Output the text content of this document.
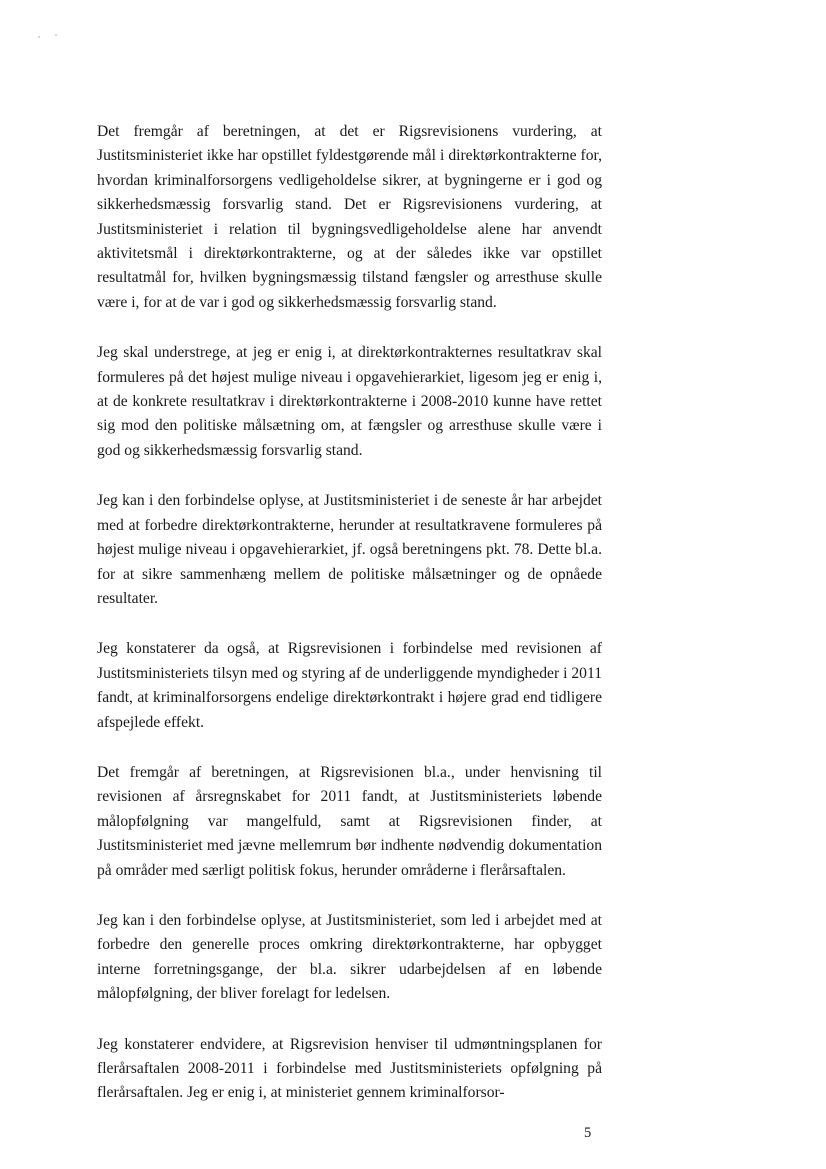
Det fremgår af beretningen, at det er Rigsrevisionens vurdering, at Justitsministeriet ikke har opstillet fyldestgørende mål i direktørkontrakterne for, hvordan kriminalforsorgens vedligeholdelse sikrer, at bygningerne er i god og sikkerhedsmæssig forsvarlig stand. Det er Rigsrevisionens vurdering, at Justitsministeriet i relation til bygningsvedligeholdelse alene har anvendt aktivitetsmål i direktørkontrakterne, og at der således ikke var opstillet resultatmål for, hvilken bygningsmæssig tilstand fængsler og arresthuse skulle være i, for at de var i god og sikkerhedsmæssig forsvarlig stand.

Jeg skal understrege, at jeg er enig i, at direktørkontrakternes resultatkrav skal formuleres på det højest mulige niveau i opgavehierarkiet, ligesom jeg er enig i, at de konkrete resultatkrav i direktørkontrakterne i 2008-2010 kunne have rettet sig mod den politiske målsætning om, at fængsler og arresthuse skulle være i god og sikkerhedsmæssig forsvarlig stand.

Jeg kan i den forbindelse oplyse, at Justitsministeriet i de seneste år har arbejdet med at forbedre direktørkontrakterne, herunder at resultatkravene formuleres på højest mulige niveau i opgavehierarkiet, jf. også beretningens pkt. 78. Dette bl.a. for at sikre sammenhæng mellem de politiske målsætninger og de opnåede resultater.

Jeg konstaterer da også, at Rigsrevisionen i forbindelse med revisionen af Justitsministeriets tilsyn med og styring af de underliggende myndigheder i 2011 fandt, at kriminalforsorgens endelige direktørkontrakt i højere grad end tidligere afspejlede effekt.

Det fremgår af beretningen, at Rigsrevisionen bl.a., under henvisning til revisionen af årsregnskabet for 2011 fandt, at Justitsministeriets løbende målopfølgning var mangelfuld, samt at Rigsrevisionen finder, at Justitsministeriet med jævne mellemrum bør indhente nødvendig dokumentation på områder med særligt politisk fokus, herunder områderne i flerårsaftalen.

Jeg kan i den forbindelse oplyse, at Justitsministeriet, som led i arbejdet med at forbedre den generelle proces omkring direktørkontrakterne, har opbygget interne forretningsgange, der bl.a. sikrer udarbejdelsen af en løbende målopfølgning, der bliver forelagt for ledelsen.

Jeg konstaterer endvidere, at Rigsrevision henviser til udmøntningsplanen for flerårsaftalen 2008-2011 i forbindelse med Justitsministeriets opfølgning på flerårsaftalen. Jeg er enig i, at ministeriet gennem kriminalforsor-

5
